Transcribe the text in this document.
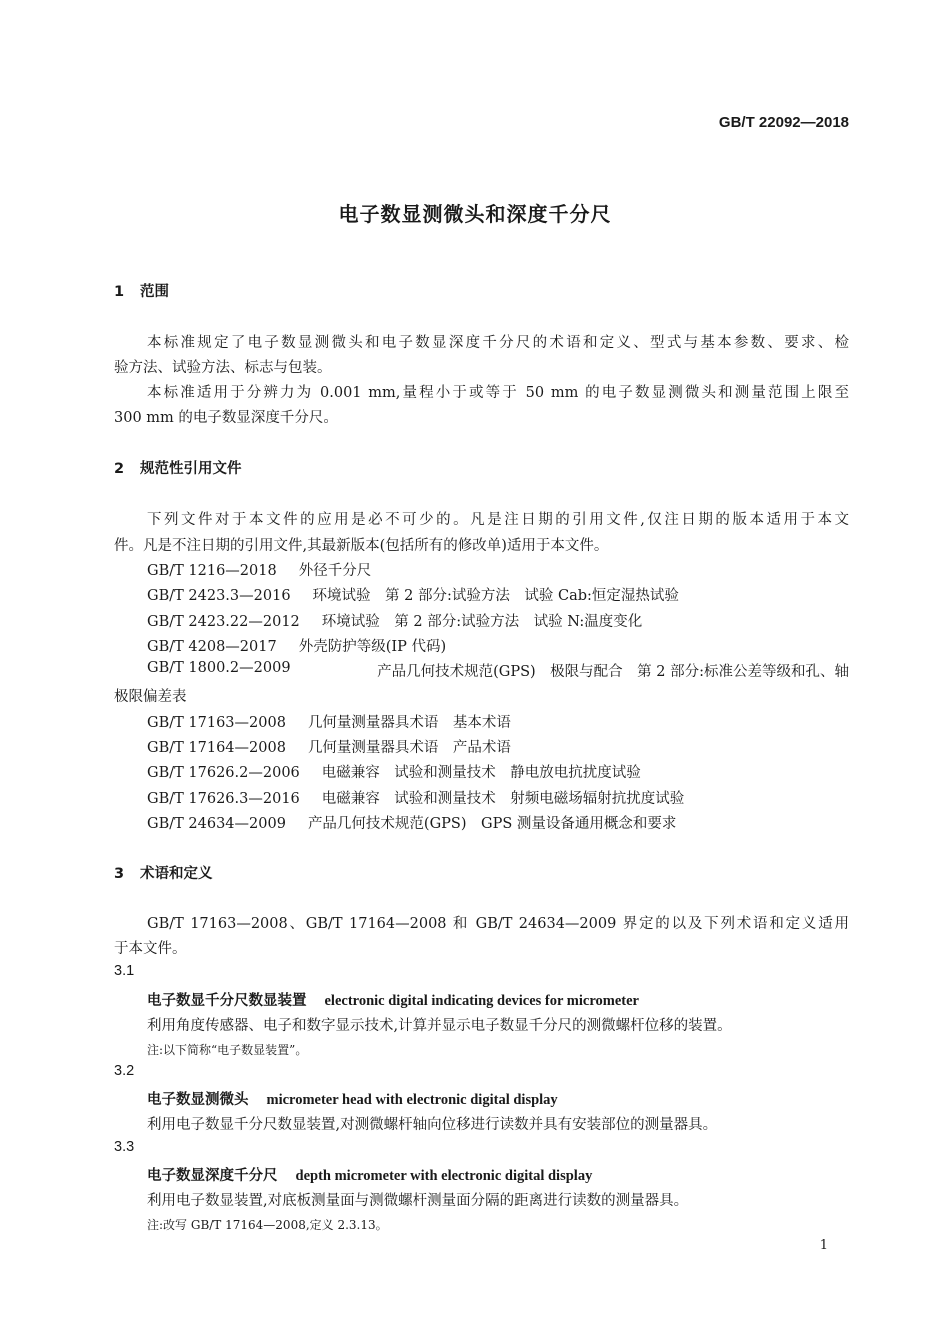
GB/T 22092—2018
电子数显测微头和深度千分尺
1 范围
本标准规定了电子数显测微头和电子数显深度千分尺的术语和定义、型式与基本参数、要求、检
验方法、试验方法、标志与包装。
本标准适用于分辨力为 0.001 mm,量程小于或等于 50 mm 的电子数显测微头和测量范围上限至
300 mm 的电子数显深度千分尺。
2 规范性引用文件
下列文件对于本文件的应用是必不可少的。凡是注日期的引用文件,仅注日期的版本适用于本文
件。凡是不注日期的引用文件,其最新版本(包括所有的修改单)适用于本文件。
GB/T 1216—2018 外径千分尺
GB/T 2423.3—2016 环境试验　第 2 部分:试验方法　试验 Cab:恒定湿热试验
GB/T 2423.22—2012 环境试验　第 2 部分:试验方法　试验 N:温度变化
GB/T 4208—2017 外壳防护等级(IP 代码)
GB/T 1800.2—2009	产品几何技术规范(GPS)　极限与配合　第 2 部分:标准公差等级和孔、轴
极限偏差表
GB/T 17163—2008 几何量测量器具术语　基本术语
GB/T 17164—2008 几何量测量器具术语　产品术语
GB/T 17626.2—2006 电磁兼容　试验和测量技术　静电放电抗扰度试验
GB/T 17626.3—2016 电磁兼容　试验和测量技术　射频电磁场辐射抗扰度试验
GB/T 24634—2009 产品几何技术规范(GPS)　GPS 测量设备通用概念和要求
3 术语和定义
GB/T 17163—2008、GB/T 17164—2008 和 GB/T 24634—2009 界定的以及下列术语和定义适用
于本文件。
3.1
电子数显千分尺数显装置 electronic digital indicating devices for micrometer
利用角度传感器、电子和数字显示技术,计算并显示电子数显千分尺的测微螺杆位移的装置。
注:以下简称“电子数显装置”。
3.2
电子数显测微头 micrometer head with electronic digital display
利用电子数显千分尺数显装置,对测微螺杆轴向位移进行读数并具有安装部位的测量器具。
3.3
电子数显深度千分尺 depth micrometer with electronic digital display
利用电子数显装置,对底板测量面与测微螺杆测量面分隔的距离进行读数的测量器具。
注:改写 GB/T 17164—2008,定义 2.3.13。
1
